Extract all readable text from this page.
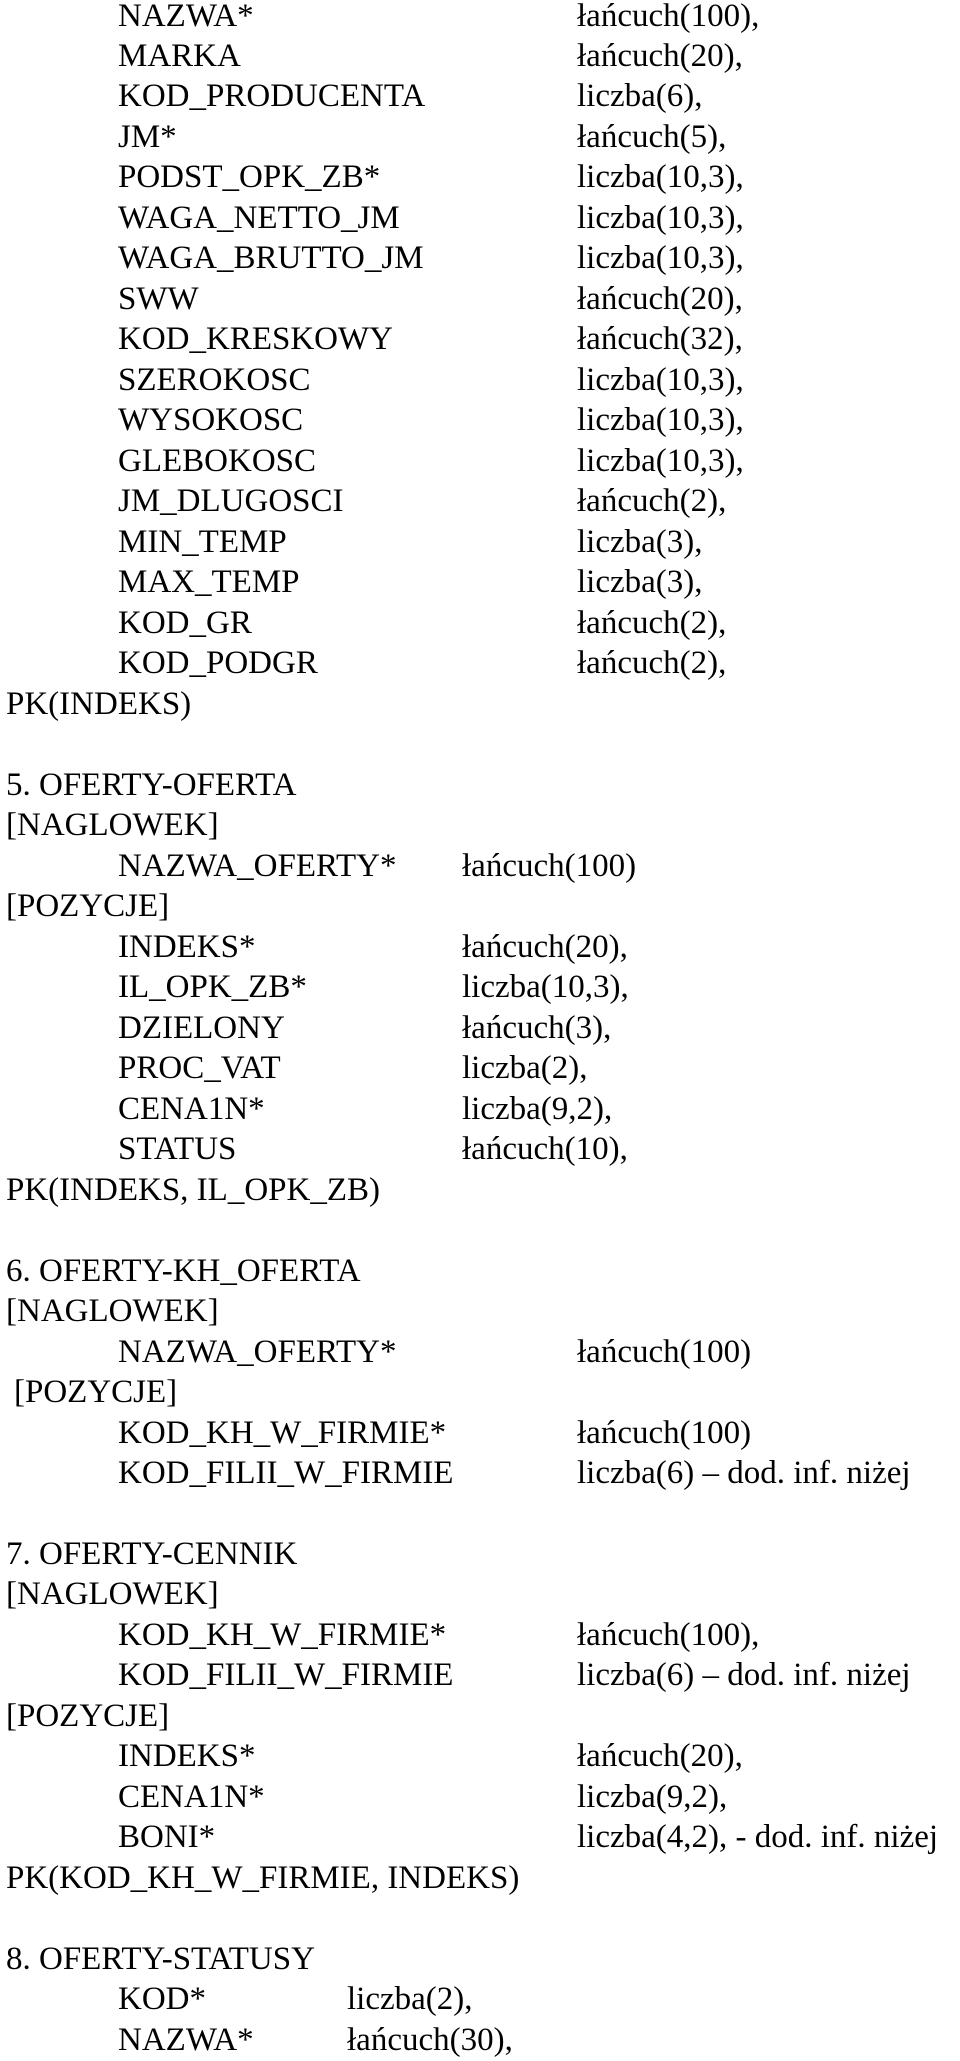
NAZWA*	łańcuch(100),
MARKA	łańcuch(20),
KOD_PRODUCENTA	liczba(6),
JM*	łańcuch(5),
PODST_OPK_ZB*	liczba(10,3),
WAGA_NETTO_JM	liczba(10,3),
WAGA_BRUTTO_JM	liczba(10,3),
SWW	łańcuch(20),
KOD_KRESKOWY	łańcuch(32),
SZEROKOSC	liczba(10,3),
WYSOKOSC	liczba(10,3),
GLEBOKOSC	liczba(10,3),
JM_DLUGOSCI	łańcuch(2),
MIN_TEMP	liczba(3),
MAX_TEMP	liczba(3),
KOD_GR	łańcuch(2),
KOD_PODGR	łańcuch(2),
PK(INDEKS)
5. OFERTY-OFERTA
[NAGLOWEK]
NAZWA_OFERTY* łańcuch(100)
[POZYCJE]
INDEKS*	łańcuch(20),
IL_OPK_ZB*	liczba(10,3),
DZIELONY	łańcuch(3),
PROC_VAT	liczba(2),
CENA1N*	liczba(9,2),
STATUS	łańcuch(10),
PK(INDEKS, IL_OPK_ZB)
6. OFERTY-KH_OFERTA
[NAGLOWEK]
NAZWA_OFERTY*	łańcuch(100)
[POZYCJE]
KOD_KH_W_FIRMIE*	łańcuch(100)
KOD_FILII_W_FIRMIE	liczba(6) – dod. inf. niżej
7. OFERTY-CENNIK
[NAGLOWEK]
KOD_KH_W_FIRMIE*	łańcuch(100),
KOD_FILII_W_FIRMIE	liczba(6) – dod. inf. niżej
[POZYCJE]
INDEKS*	łańcuch(20),
CENA1N*	liczba(9,2),
BONI*	liczba(4,2), - dod. inf. niżej
PK(KOD_KH_W_FIRMIE, INDEKS)
8. OFERTY-STATUSY
KOD*	liczba(2),
NAZWA*	łańcuch(30),
